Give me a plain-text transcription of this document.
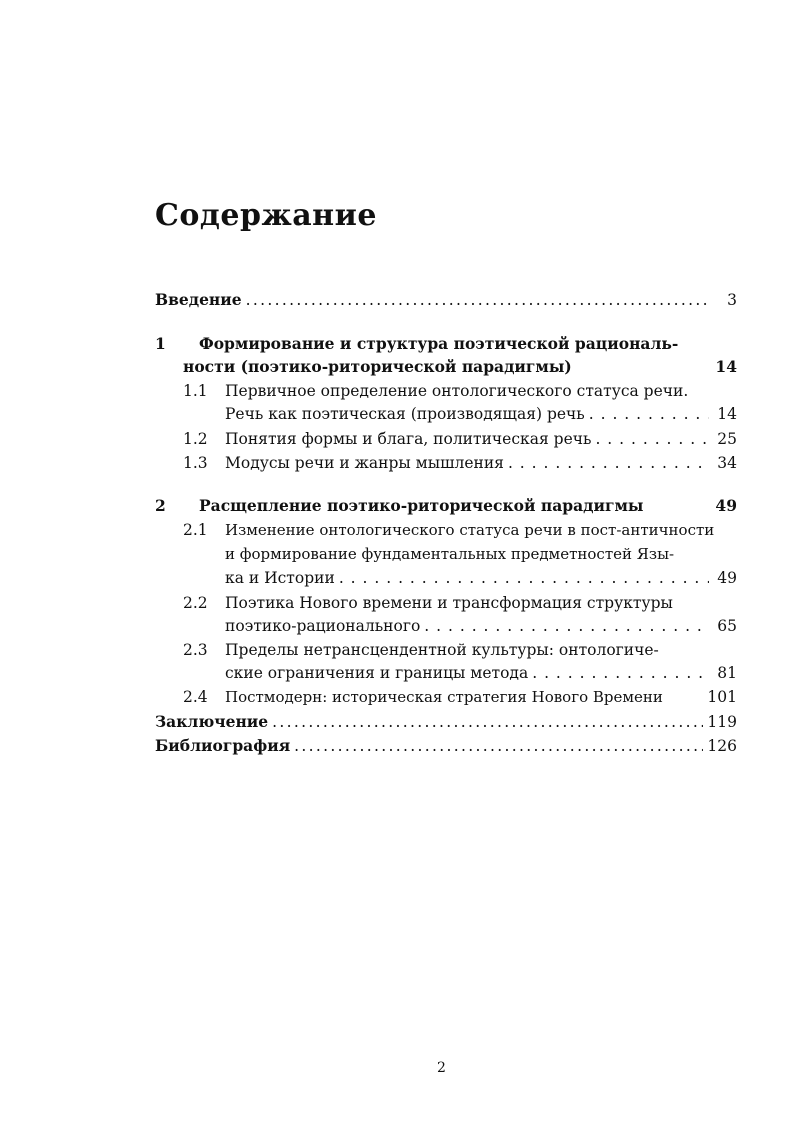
Содержание
Введение . . .	3
1	Формирование и структура поэтической рациональ-
ности (поэтико-риторической парадигмы)	14
1.1	Первичное определение онтологического статуса речи.
Речь как поэтическая (производящая) речь . . .	14
1.2	Понятия формы и блага, политическая речь . . .	25
1.3	Модусы речи и жанры мышления . . .	34
2	Расщепление поэтико-риторической парадигмы	49
2.1	Изменение онтологического статуса речи в пост-античности
и формирование фундаментальных предметностей Язы-
ка и Истории . . .	49
2.2	Поэтика Нового времени и трансформация структуры
поэтико-рационального . . .	65
2.3	Пределы нетрансцендентной культуры: онтологиче-
ские ограничения и границы метода . . .	81
2.4	Постмодерн: историческая стратегия Нового Времени	101
Заключение . . .	119
Библиография . . .	126
2
